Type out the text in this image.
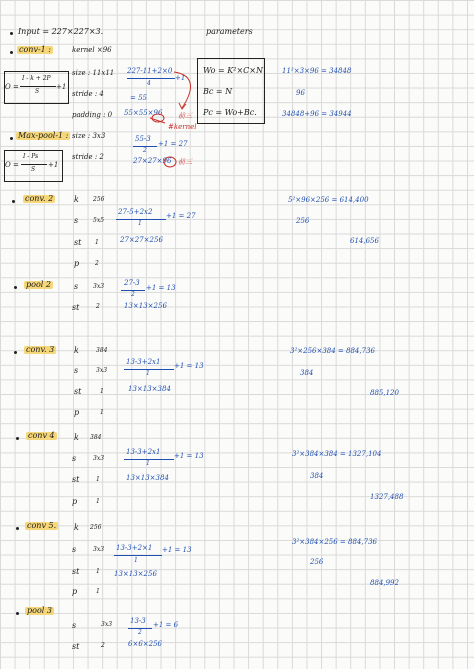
Input = 227×227×3.	parameters
conv-1 :	kernel ×96
O =
I - k + 2P
S
+1
size : 11x11
stride : 4
padding : 0
227-11+2×0
4
+1
= 55
55×55×96
Wo = K²×C×N
Bc = N
Pc = Wo+Bc.
11²×3×96 = 34848
96
34848+96 = 34944
前三
#kernel
前三
Max-pool-1 : size : 3x3
stride : 2
O =
I - Ps
S
+1
55-3
2
+1 = 27
27×27×96
conv. 2	k 256
s 5x5
st 1
p	2
27-5+2x2
1
+1 = 27
27×27×256
5²×96×256 = 614,400
256
614,656
pool 2	s 3x3
st	2
27-3
2
+1 = 13
13×13×256
conv. 3 k	384
s	3x3
st	1
p	1
13-3+2x1
1
+1 = 13
13×13×384
3²×256×384 = 884,736
384
885,120
conv 4 k 384
s	3x3
st	1
p	1
13-3+2x1
1
+1 = 13
13×13×384
3²×384×384 = 1327,104
384
1327,488
conv 5. k 256
s	3x3
st	1
p	1
13-3+2×1
1
+1 = 13
13×13×256
3²×384×256 = 884,736
256
884,992
pool 3
s	3x3
st	2
13-3
2
+1 = 6
6×6×256
